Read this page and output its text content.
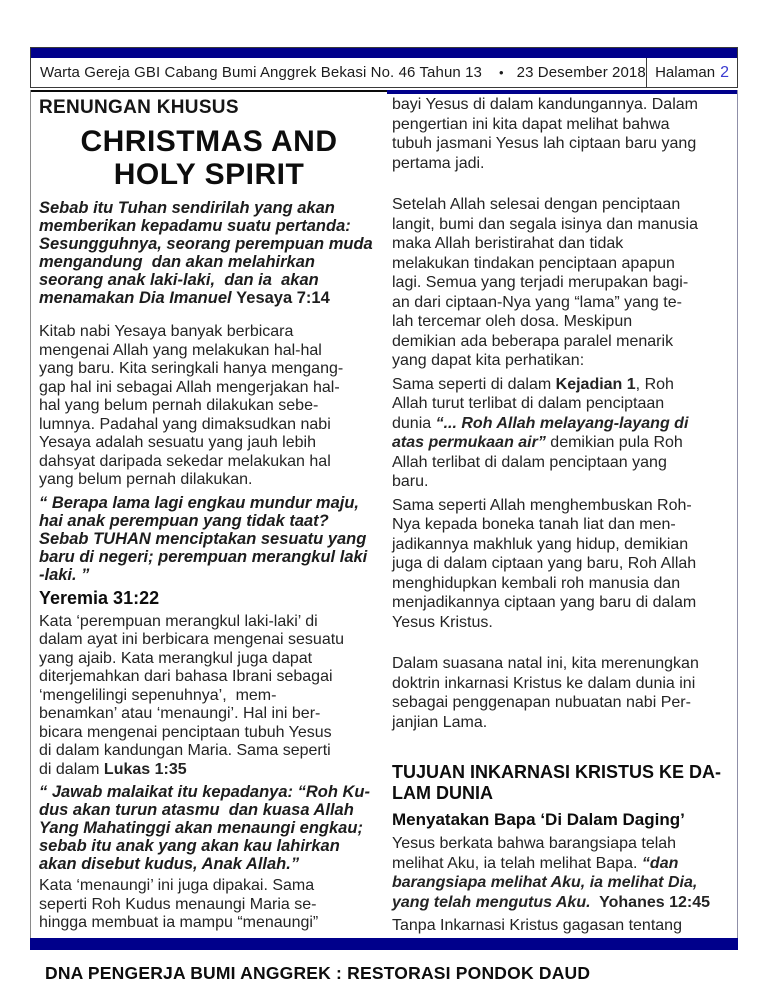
Warta Gereja GBI Cabang Bumi Anggrek Bekasi No. 46 Tahun 13 • 23 Desember 2018 Halaman 2
RENUNGAN KHUSUS
CHRISTMAS AND
HOLY SPIRIT
Sebab itu Tuhan sendirilah yang akan
memberikan kepadamu suatu pertanda:
Sesungguhnya, seorang perempuan muda
mengandung  dan akan melahirkan
seorang anak laki-laki,  dan ia  akan
menamakan Dia Imanuel Yesaya 7:14
Kitab nabi Yesaya banyak berbicara
mengenai Allah yang melakukan hal-hal
yang baru. Kita seringkali hanya mengang-
gap hal ini sebagai Allah mengerjakan hal-
hal yang belum pernah dilakukan sebe-
lumnya. Padahal yang dimaksudkan nabi
Yesaya adalah sesuatu yang jauh lebih
dahsyat daripada sekedar melakukan hal
yang belum pernah dilakukan.
“ Berapa lama lagi engkau mundur maju,
hai anak perempuan yang tidak taat?
Sebab TUHAN menciptakan sesuatu yang
baru di negeri; perempuan merangkul laki
-laki. ”
Yeremia 31:22
Kata ‘perempuan merangkul laki-laki’ di
dalam ayat ini berbicara mengenai sesuatu
yang ajaib. Kata merangkul juga dapat
diterjemahkan dari bahasa Ibrani sebagai
‘mengelilingi sepenuhnya’,  mem-
benamkan’ atau ‘menaungi’. Hal ini ber-
bicara mengenai penciptaan tubuh Yesus
di dalam kandungan Maria. Sama seperti
di dalam Lukas 1:35
“ Jawab malaikat itu kepadanya: “Roh Ku-
dus akan turun atasmu  dan kuasa Allah
Yang Mahatinggi akan menaungi engkau;
sebab itu anak yang akan kau lahirkan
akan disebut kudus, Anak Allah.”
Kata ‘menaungi’ ini juga dipakai. Sama
seperti Roh Kudus menaungi Maria se-
hingga membuat ia mampu “menaungi”
bayi Yesus di dalam kandungannya. Dalam
pengertian ini kita dapat melihat bahwa
tubuh jasmani Yesus lah ciptaan baru yang
pertama jadi.
Setelah Allah selesai dengan penciptaan
langit, bumi dan segala isinya dan manusia
maka Allah beristirahat dan tidak
melakukan tindakan penciptaan apapun
lagi. Semua yang terjadi merupakan bagi-
an dari ciptaan-Nya yang “lama” yang te-
lah tercemar oleh dosa. Meskipun
demikian ada beberapa paralel menarik
yang dapat kita perhatikan:
Sama seperti di dalam Kejadian 1, Roh
Allah turut terlibat di dalam penciptaan
dunia “... Roh Allah melayang-layang di
atas permukaan air” demikian pula Roh
Allah terlibat di dalam penciptaan yang
baru.
Sama seperti Allah menghembuskan Roh-
Nya kepada boneka tanah liat dan men-
jadikannya makhluk yang hidup, demikian
juga di dalam ciptaan yang baru, Roh Allah
menghidupkan kembali roh manusia dan
menjadikannya ciptaan yang baru di dalam
Yesus Kristus.
Dalam suasana natal ini, kita merenungkan
doktrin inkarnasi Kristus ke dalam dunia ini
sebagai penggenapan nubuatan nabi Per-
janjian Lama.
TUJUAN INKARNASI KRISTUS KE DA-
LAM DUNIA
Menyatakan Bapa ‘Di Dalam Daging’
Yesus berkata bahwa barangsiapa telah
melihat Aku, ia telah melihat Bapa. “dan
barangsiapa melihat Aku, ia melihat Dia,
yang telah mengutus Aku.  Yohanes 12:45
Tanpa Inkarnasi Kristus gagasan tentang
DNA PENGERJA BUMI ANGGREK : RESTORASI PONDOK DAUD
